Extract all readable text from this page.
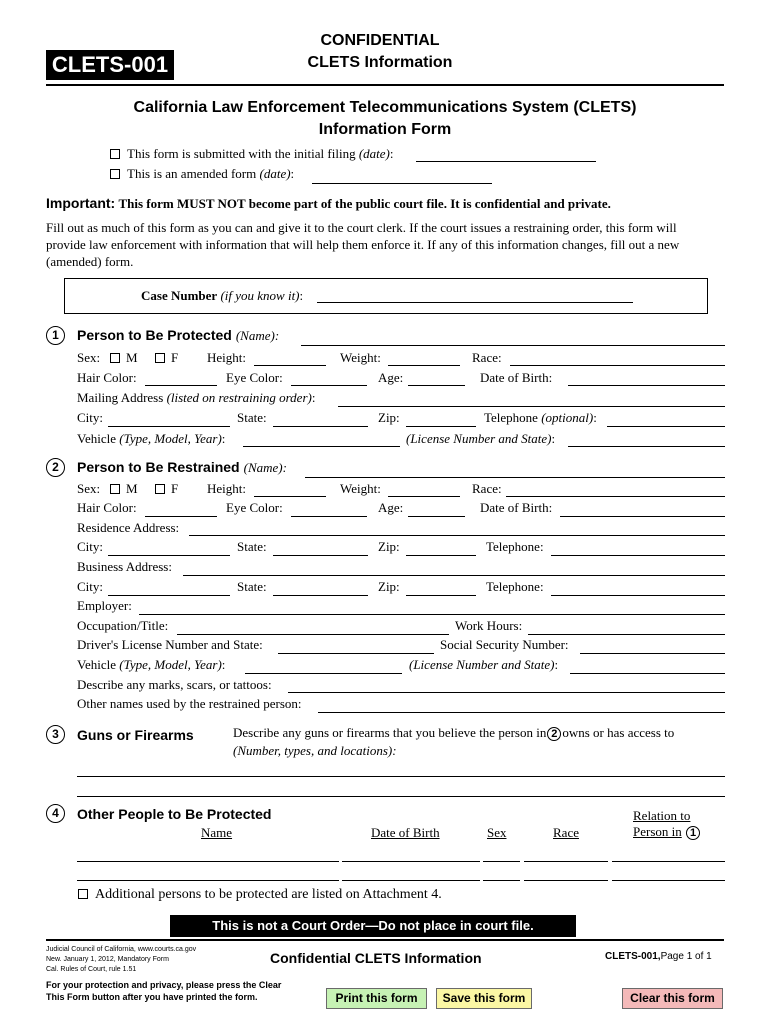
CLETS-001
CONFIDENTIAL
CLETS Information
California Law Enforcement Telecommunications System (CLETS)
Information Form
This form is submitted with the initial filing (date):
This is an amended form (date):
Important: This form MUST NOT become part of the public court file. It is confidential and private.
Fill out as much of this form as you can and give it to the court clerk. If the court issues a restraining order, this form will
provide law enforcement with information that will help them enforce it. If any of this information changes, fill out a new
(amended) form.
Case Number (if you know it):
1	Person to Be Protected (Name):
Sex: M	F Height:	Weight:	Race:
Hair Color:	Eye Color:	Age:	Date of Birth:
Mailing Address (listed on restraining order):
City:	State:	Zip:	Telephone (optional):
Vehicle (Type, Model, Year):	(License Number and State):
2	Person to Be Restrained (Name):
Sex: M	F Height:	Weight:	Race:
Hair Color:	Eye Color:	Age:	Date of Birth:
Residence Address:
City:	State:	Zip:	Telephone:
Business Address:
City:	State:	Zip:	Telephone:
Employer:
Occupation/Title:	Work Hours:
Driver's License Number and State:	Social Security Number:
Vehicle (Type, Model, Year):	(License Number and State):
Describe any marks, scars, or tattoos:
Other names used by the restrained person:
3	Guns or Firearms	Describe any guns or firearms that you believe the person in 2 owns or has access to
(Number, types, and locations):
4	Other People to Be Protected
Name	Date of Birth	Sex	Race
Relation to
Person in 1
Additional persons to be protected are listed on Attachment 4.
This is not a Court Order—Do not place in court file.
Judicial Council of California, www.courts.ca.gov
New. January 1, 2012, Mandatory Form
Cal. Rules of Court, rule 1.51
Confidential CLETS Information	CLETS-001,Page 1 of 1
For your protection and privacy, please press the Clear
This Form button after you have printed the form.	Print this form	Save this form	Clear this form
